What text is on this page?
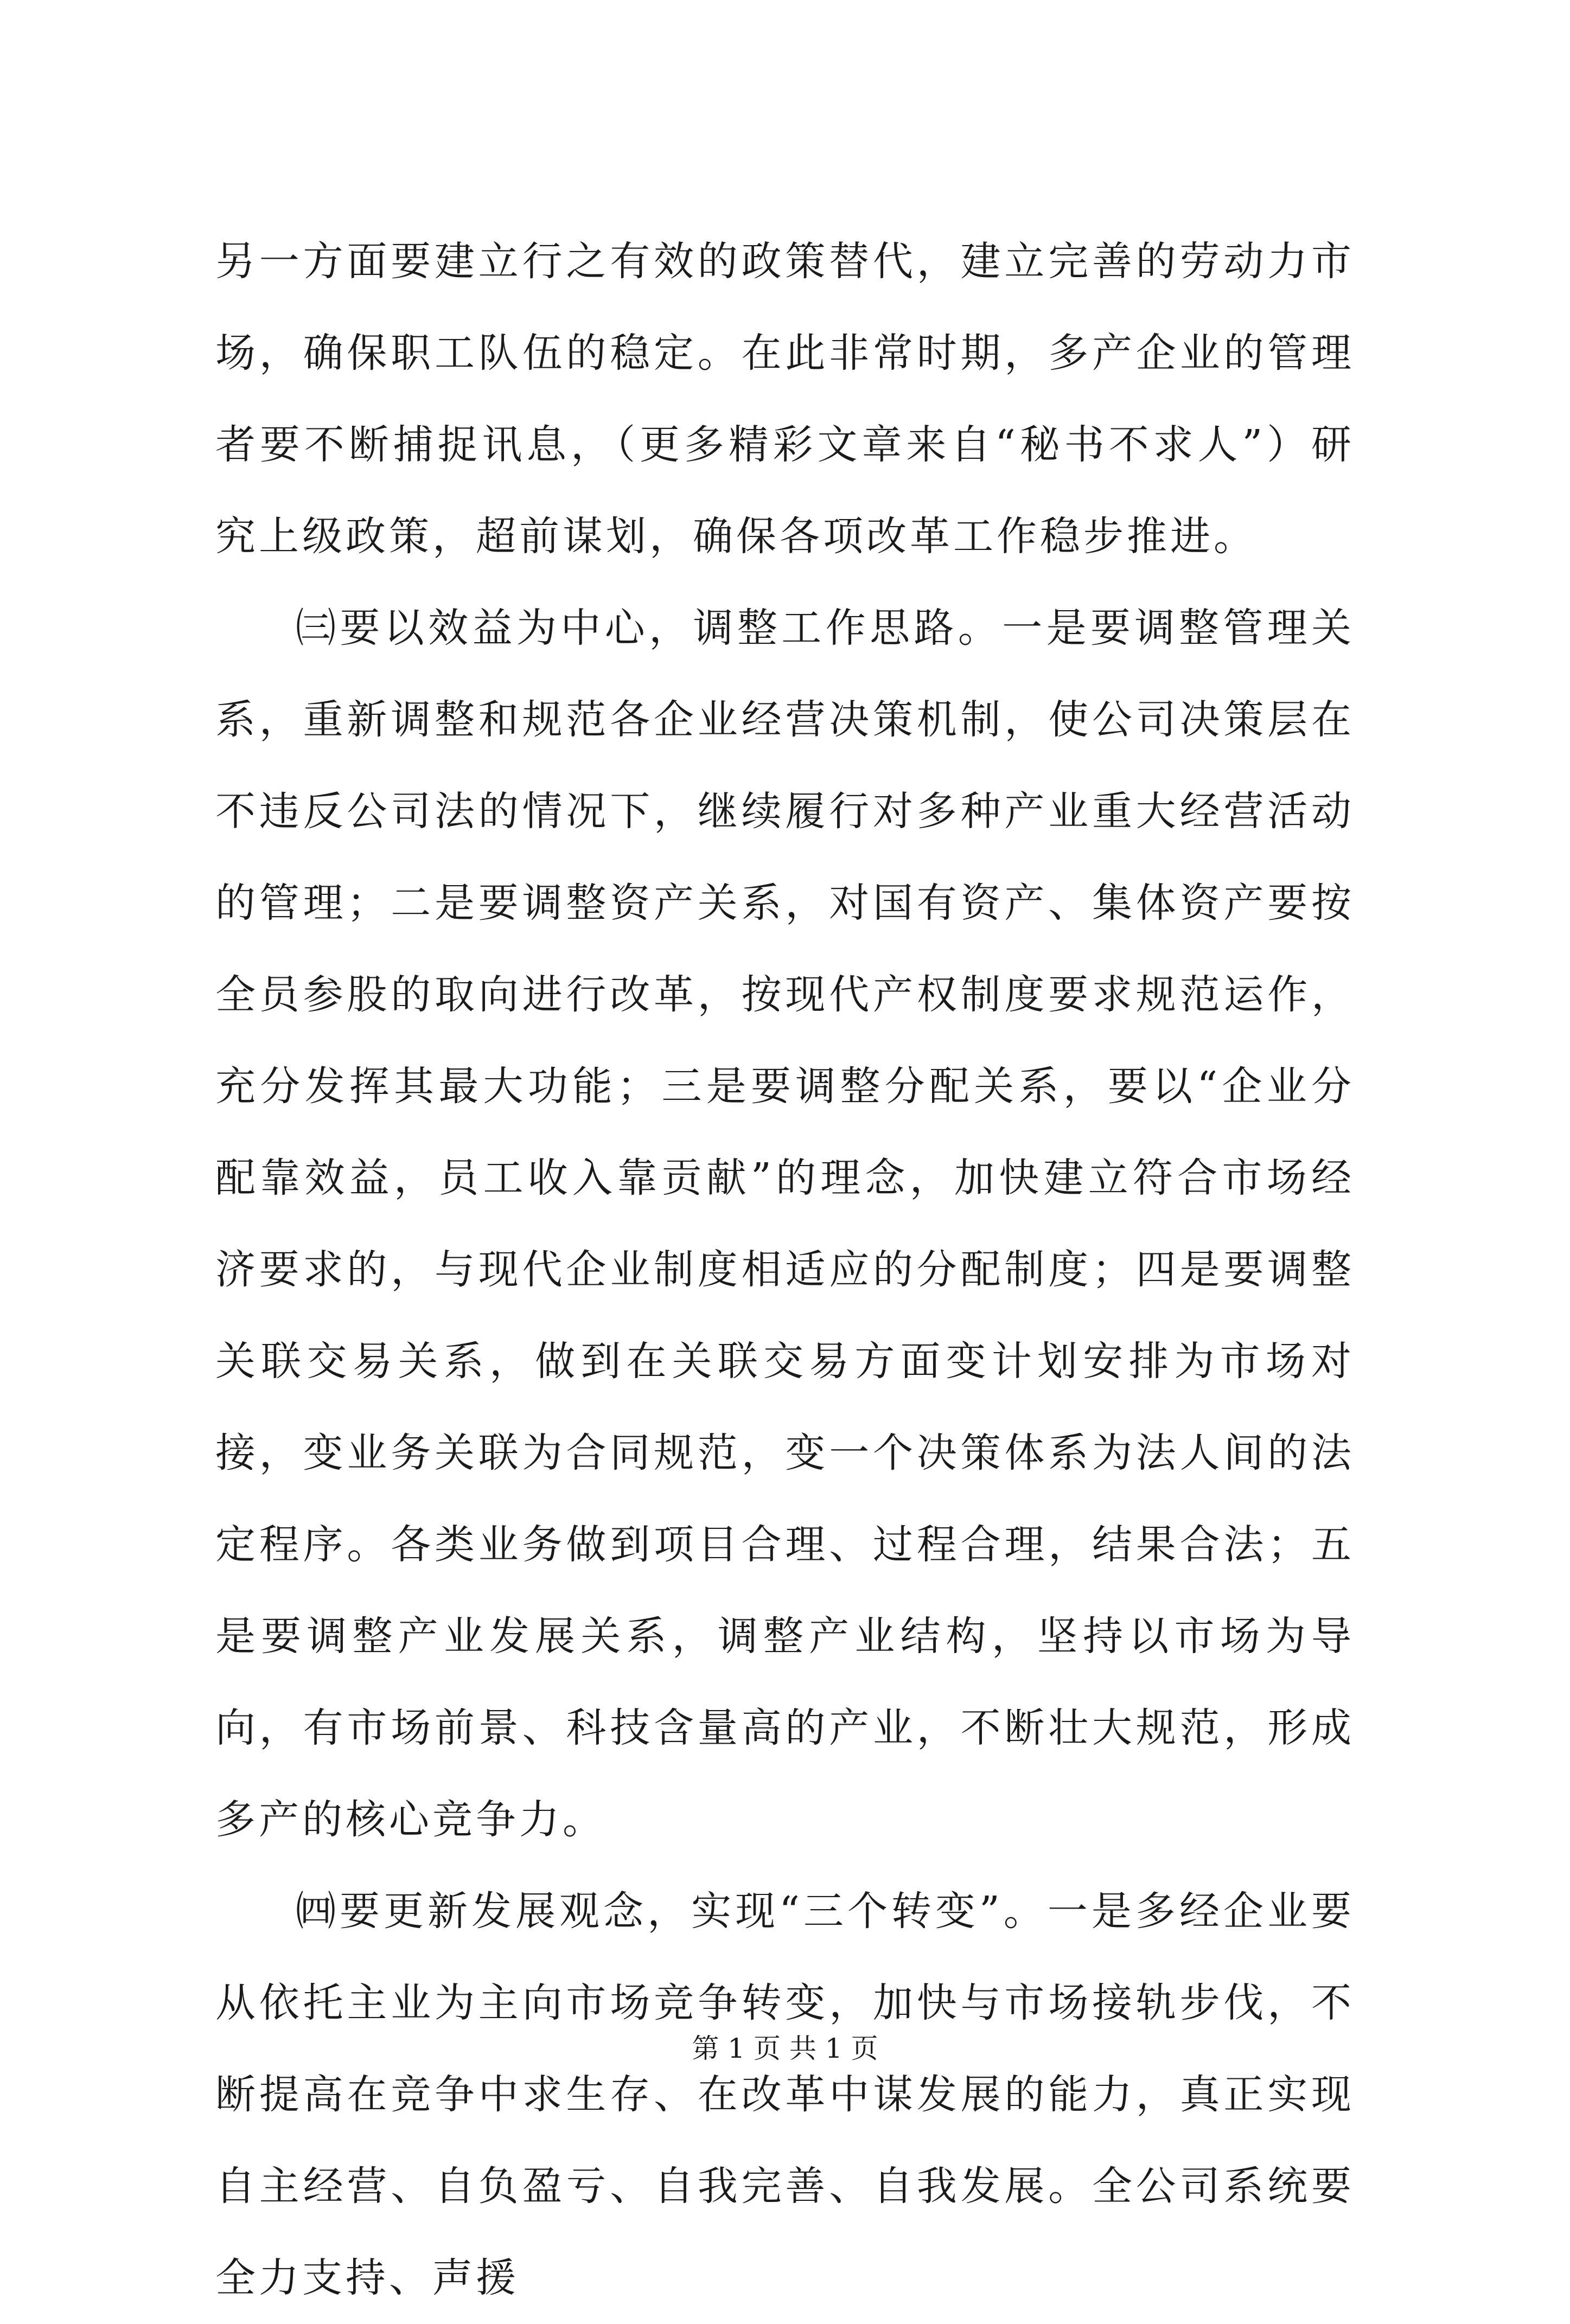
另一方面要建立行之有效的政策替代，建立完善的劳动力市场，确保职工队伍的稳定。在此非常时期，多产企业的管理者要不断捕捉讯息，（更多精彩文章来自“秘书不求人”）研究上级政策，超前谋划，确保各项改革工作稳步推进。

㈢要以效益为中心，调整工作思路。一是要调整管理关系，重新调整和规范各企业经营决策机制，使公司决策层在不违反公司法的情况下，继续履行对多种产业重大经营活动的管理；二是要调整资产关系，对国有资产、集体资产要按全员参股的取向进行改革，按现代产权制度要求规范运作，充分发挥其最大功能；三是要调整分配关系，要以“企业分配靠效益，员工收入靠贡献”的理念，加快建立符合市场经济要求的，与现代企业制度相适应的分配制度；四是要调整关联交易关系，做到在关联交易方面变计划安排为市场对接，变业务关联为合同规范，变一个决策体系为法人间的法定程序。各类业务做到项目合理、过程合理，结果合法；五是要调整产业发展关系，调整产业结构，坚持以市场为导向，有市场前景、科技含量高的产业，不断壮大规范，形成多产的核心竞争力。

㈣要更新发展观念，实现“三个转变”。一是多经企业要从依托主业为主向市场竞争转变，加快与市场接轨步伐，不断提高在竞争中求生存、在改革中谋发展的能力，真正实现自主经营、自负盈亏、自我完善、自我发展。全公司系统要全力支持、声援

第 1 页 共 1 页
